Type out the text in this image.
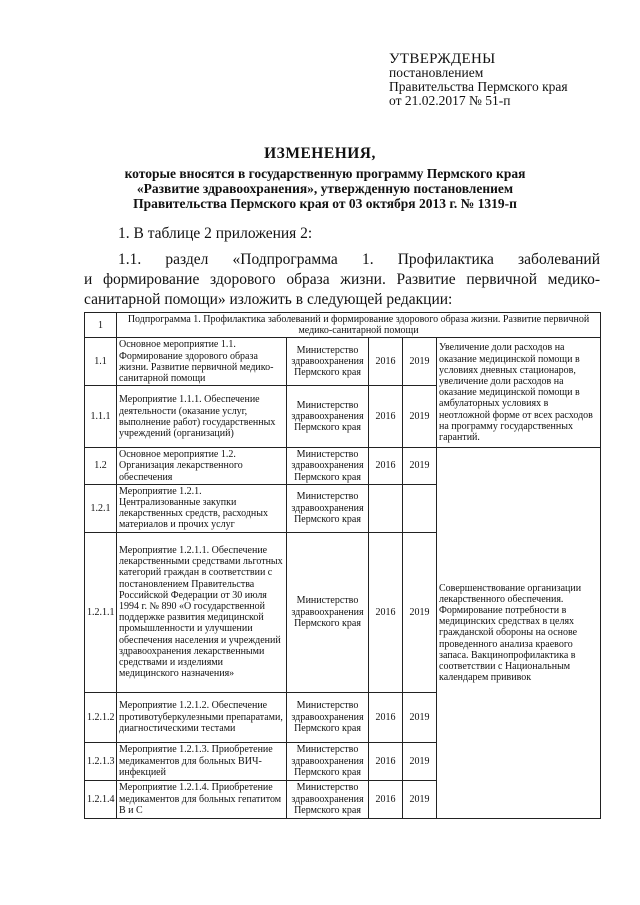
УТВЕРЖДЕНЫ
постановлением
Правительства Пермского края
от 21.02.2017 № 51-п
ИЗМЕНЕНИЯ,
которые вносятся в государственную программу Пермского края
«Развитие здравоохранения», утвержденную постановлением
Правительства Пермского края от 03 октября 2013 г. № 1319-п
1. В таблице 2 приложения 2:
1.1. раздел «Подпрограмма 1. Профилактика заболеваний
и формирование здорового образа жизни. Развитие первичной медико-
санитарной помощи» изложить в следующей редакции:
1	Подпрограмма 1. Профилактика заболеваний и формирование здорового образа жизни. Развитие первичной медико-санитарной помощи				
1.1	Основное мероприятие 1.1. Формирование здорового образа жизни. Развитие первичной медико-санитарной помощи	Министерство здравоохранения Пермского края	2016	2019	Увеличение доли расходов на оказание медицинской помощи в условиях дневных стационаров, увеличение доли расходов на оказание медицинской помощи в амбулаторных условиях в неотложной форме от всех расходов на программу государственных гарантий.
1.1.1	Мероприятие 1.1.1. Обеспечение деятельности (оказание услуг, выполнение работ) государственных учреждений (организаций)	Министерство здравоохранения Пермского края	2016	2019	
1.2	Основное мероприятие 1.2. Организация лекарственного обеспечения	Министерство здравоохранения Пермского края	2016	2019	Совершенствование организации лекарственного обеспечения. Формирование потребности в медицинских средствах в целях гражданской обороны на основе проведенного анализа краевого запаса. Вакцинопрофилактика в соответствии с Национальным календарем прививок
1.2.1	Мероприятие 1.2.1. Централизованные закупки лекарственных средств, расходных материалов и прочих услуг	Министерство здравоохранения Пермского края			
1.2.1.1	Мероприятие 1.2.1.1. Обеспечение лекарственными средствами льготных категорий граждан в соответствии с постановлением Правительства Российской Федерации от 30 июля 1994 г. № 890 «О государственной поддержке развития медицинской промышленности и улучшении обеспечения населения и учреждений здравоохранения лекарственными средствами и изделиями медицинского назначения»	Министерство здравоохранения Пермского края	2016	2019	
1.2.1.2	Мероприятие 1.2.1.2. Обеспечение противотуберкулезными препаратами, диагностическими тестами	Министерство здравоохранения Пермского края	2016	2019	
1.2.1.3	Мероприятие 1.2.1.3. Приобретение медикаментов для больных ВИЧ-инфекцией	Министерство здравоохранения Пермского края	2016	2019	
1.2.1.4	Мероприятие 1.2.1.4. Приобретение медикаментов для больных гепатитом В и С	Министерство здравоохранения Пермского края	2016	2019	
